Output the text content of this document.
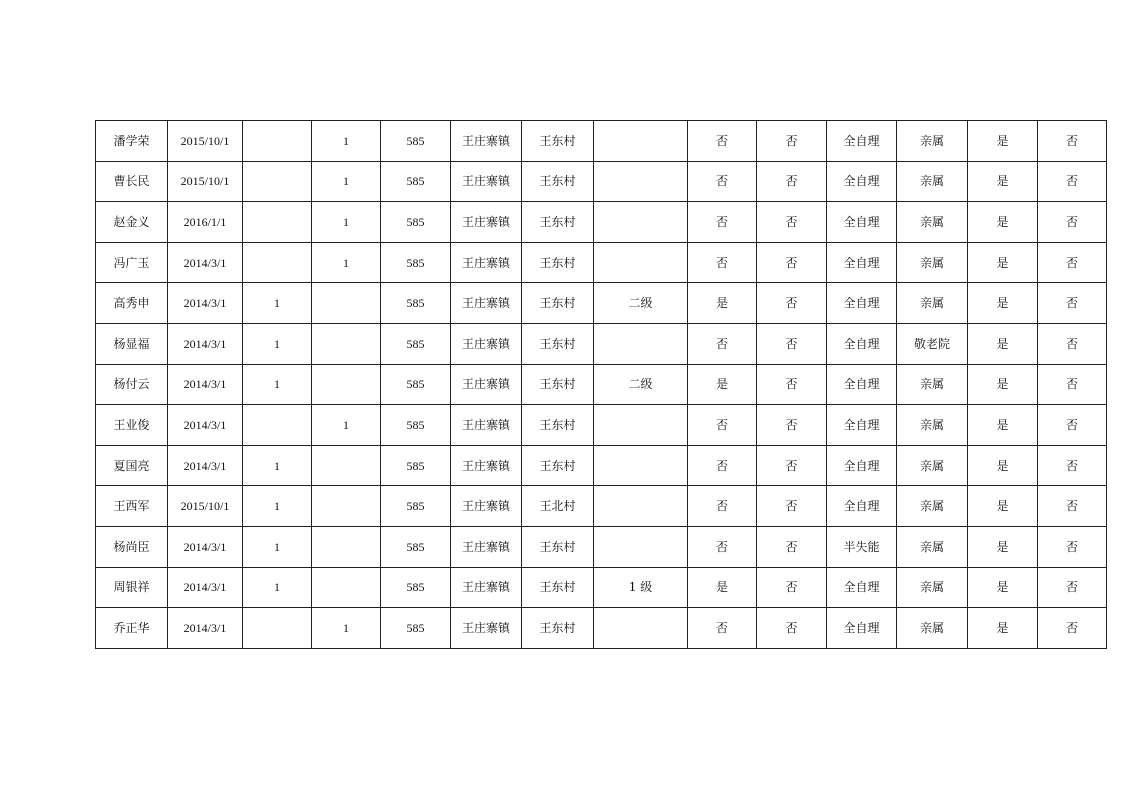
潘学荣	2015/10/1		1	585	王庄寨镇	王东村		否	否	全自理	亲属	是	否
曹长民	2015/10/1		1	585	王庄寨镇	王东村		否	否	全自理	亲属	是	否
赵金义	2016/1/1		1	585	王庄寨镇	王东村		否	否	全自理	亲属	是	否
冯广玉	2014/3/1		1	585	王庄寨镇	王东村		否	否	全自理	亲属	是	否
高秀申	2014/3/1	1		585	王庄寨镇	王东村	二级	是	否	全自理	亲属	是	否
杨显福	2014/3/1	1		585	王庄寨镇	王东村		否	否	全自理	敬老院	是	否
杨付云	2014/3/1	1		585	王庄寨镇	王东村	二级	是	否	全自理	亲属	是	否
王业俊	2014/3/1		1	585	王庄寨镇	王东村		否	否	全自理	亲属	是	否
夏国亮	2014/3/1	1		585	王庄寨镇	王东村		否	否	全自理	亲属	是	否
王西军	2015/10/1	1		585	王庄寨镇	王北村		否	否	全自理	亲属	是	否
杨尚臣	2014/3/1	1		585	王庄寨镇	王东村		否	否	半失能	亲属	是	否
周银祥	2014/3/1	1		585	王庄寨镇	王东村	1 级	是	否	全自理	亲属	是	否
乔正华	2014/3/1		1	585	王庄寨镇	王东村		否	否	全自理	亲属	是	否
